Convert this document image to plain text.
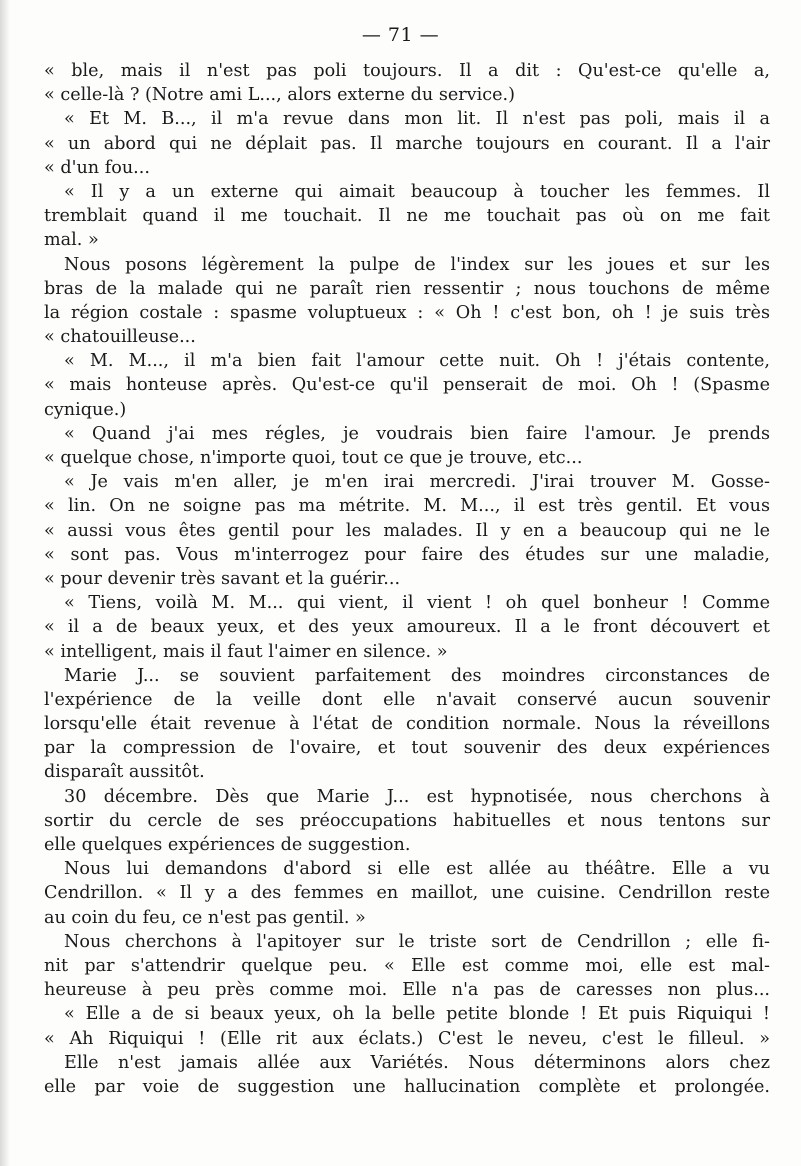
— 71 —
« ble, mais il n'est pas poli toujours. Il a dit : Qu'est-ce qu'elle a,
« celle-là ? (Notre ami L..., alors externe du service.)
« Et M. B..., il m'a revue dans mon lit. Il n'est pas poli, mais il a
« un abord qui ne déplait pas. Il marche toujours en courant. Il a l'air
« d'un fou...
« Il y a un externe qui aimait beaucoup à toucher les femmes. Il
tremblait quand il me touchait. Il ne me touchait pas où on me fait
mal. »
Nous posons légèrement la pulpe de l'index sur les joues et sur les
bras de la malade qui ne paraît rien ressentir ; nous touchons de même
la région costale : spasme voluptueux : « Oh ! c'est bon, oh ! je suis très
« chatouilleuse...
« M. M..., il m'a bien fait l'amour cette nuit. Oh ! j'étais contente,
« mais honteuse après. Qu'est-ce qu'il penserait de moi. Oh ! (Spasme
cynique.)
« Quand j'ai mes régles, je voudrais bien faire l'amour. Je prends
« quelque chose, n'importe quoi, tout ce que je trouve, etc...
« Je vais m'en aller, je m'en irai mercredi. J'irai trouver M. Gosse-
« lin. On ne soigne pas ma métrite. M. M..., il est très gentil. Et vous
« aussi vous êtes gentil pour les malades. Il y en a beaucoup qui ne le
« sont pas. Vous m'interrogez pour faire des études sur une maladie,
« pour devenir très savant et la guérir...
« Tiens, voilà M. M... qui vient, il vient ! oh quel bonheur ! Comme
« il a de beaux yeux, et des yeux amoureux. Il a le front découvert et
« intelligent, mais il faut l'aimer en silence. »
Marie J... se souvient parfaitement des moindres circonstances de
l'expérience de la veille dont elle n'avait conservé aucun souvenir
lorsqu'elle était revenue à l'état de condition normale. Nous la réveillons
par la compression de l'ovaire, et tout souvenir des deux expériences
disparaît aussitôt.
30 décembre. Dès que Marie J... est hypnotisée, nous cherchons à
sortir du cercle de ses préoccupations habituelles et nous tentons sur
elle quelques expériences de suggestion.
Nous lui demandons d'abord si elle est allée au théâtre. Elle a vu
Cendrillon. « Il y a des femmes en maillot, une cuisine. Cendrillon reste
au coin du feu, ce n'est pas gentil. »
Nous cherchons à l'apitoyer sur le triste sort de Cendrillon ; elle fi-
nit par s'attendrir quelque peu. « Elle est comme moi, elle est mal-
heureuse à peu près comme moi. Elle n'a pas de caresses non plus...
« Elle a de si beaux yeux, oh la belle petite blonde ! Et puis Riquiqui !
« Ah Riquiqui ! (Elle rit aux éclats.) C'est le neveu, c'est le filleul. »
Elle n'est jamais allée aux Variétés. Nous déterminons alors chez
elle par voie de suggestion une hallucination complète et prolongée.
